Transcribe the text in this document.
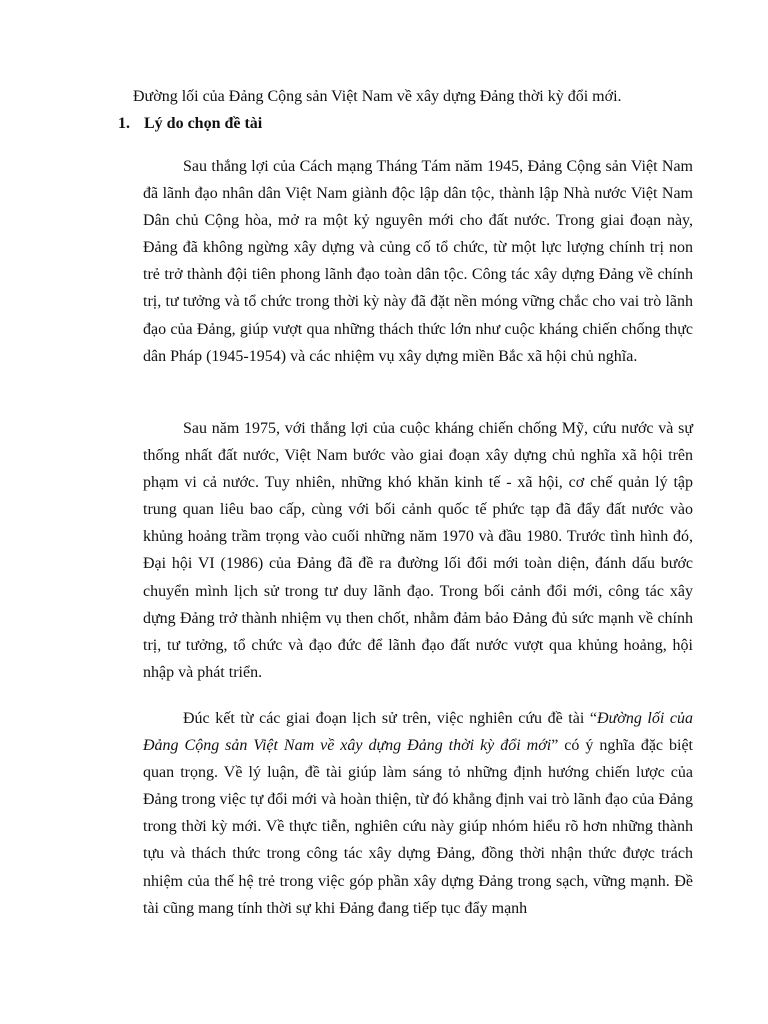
Đường lối của Đảng Cộng sản Việt Nam về xây dựng Đảng thời kỳ đổi mới.
1. Lý do chọn đề tài

Sau thắng lợi của Cách mạng Tháng Tám năm 1945, Đảng Cộng sản Việt Nam đã lãnh đạo nhân dân Việt Nam giành độc lập dân tộc, thành lập Nhà nước Việt Nam Dân chủ Cộng hòa, mở ra một kỷ nguyên mới cho đất nước. Trong giai đoạn này, Đảng đã không ngừng xây dựng và củng cố tổ chức, từ một lực lượng chính trị non trẻ trở thành đội tiên phong lãnh đạo toàn dân tộc. Công tác xây dựng Đảng về chính trị, tư tưởng và tổ chức trong thời kỳ này đã đặt nền móng vững chắc cho vai trò lãnh đạo của Đảng, giúp vượt qua những thách thức lớn như cuộc kháng chiến chống thực dân Pháp (1945-1954) và các nhiệm vụ xây dựng miền Bắc xã hội chủ nghĩa.

Sau năm 1975, với thắng lợi của cuộc kháng chiến chống Mỹ, cứu nước và sự thống nhất đất nước, Việt Nam bước vào giai đoạn xây dựng chủ nghĩa xã hội trên phạm vi cả nước. Tuy nhiên, những khó khăn kinh tế - xã hội, cơ chế quản lý tập trung quan liêu bao cấp, cùng với bối cảnh quốc tế phức tạp đã đẩy đất nước vào khủng hoảng trầm trọng vào cuối những năm 1970 và đầu 1980. Trước tình hình đó, Đại hội VI (1986) của Đảng đã đề ra đường lối đổi mới toàn diện, đánh dấu bước chuyển mình lịch sử trong tư duy lãnh đạo. Trong bối cảnh đổi mới, công tác xây dựng Đảng trở thành nhiệm vụ then chốt, nhằm đảm bảo Đảng đủ sức mạnh về chính trị, tư tưởng, tổ chức và đạo đức để lãnh đạo đất nước vượt qua khủng hoảng, hội nhập và phát triển.

Đúc kết từ các giai đoạn lịch sử trên, việc nghiên cứu đề tài “Đường lối của Đảng Cộng sản Việt Nam về xây dựng Đảng thời kỳ đổi mới” có ý nghĩa đặc biệt quan trọng. Về lý luận, đề tài giúp làm sáng tỏ những định hướng chiến lược của Đảng trong việc tự đổi mới và hoàn thiện, từ đó khẳng định vai trò lãnh đạo của Đảng trong thời kỳ mới. Về thực tiễn, nghiên cứu này giúp nhóm hiểu rõ hơn những thành tựu và thách thức trong công tác xây dựng Đảng, đồng thời nhận thức được trách nhiệm của thế hệ trẻ trong việc góp phần xây dựng Đảng trong sạch, vững mạnh. Đề tài cũng mang tính thời sự khi Đảng đang tiếp tục đẩy mạnh
